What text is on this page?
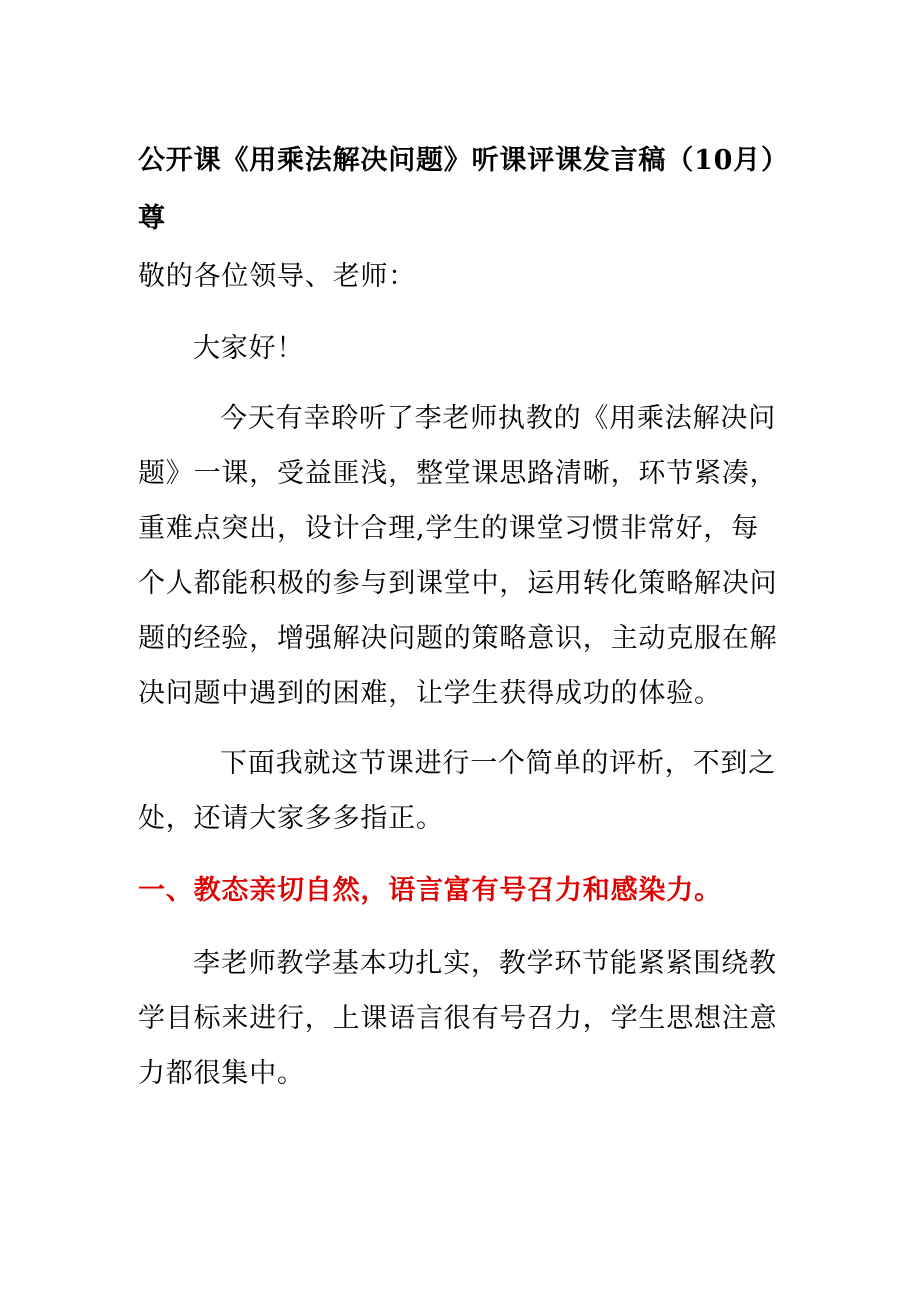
公开课《用乘法解决问题》听课评课发言稿（10月）尊
敬的各位领导、老师：

大家好！

今天有幸聆听了李老师执教的《用乘法解决问题》一课，受益匪浅，整堂课思路清晰，环节紧凑，重难点突出，设计合理,学生的课堂习惯非常好，每个人都能积极的参与到课堂中，运用转化策略解决问题的经验，增强解决问题的策略意识，主动克服在解决问题中遇到的困难，让学生获得成功的体验。

下面我就这节课进行一个简单的评析，不到之处，还请大家多多指正。

一、教态亲切自然，语言富有号召力和感染力。

李老师教学基本功扎实，教学环节能紧紧围绕教学目标来进行，上课语言很有号召力，学生思想注意力都很集中。
